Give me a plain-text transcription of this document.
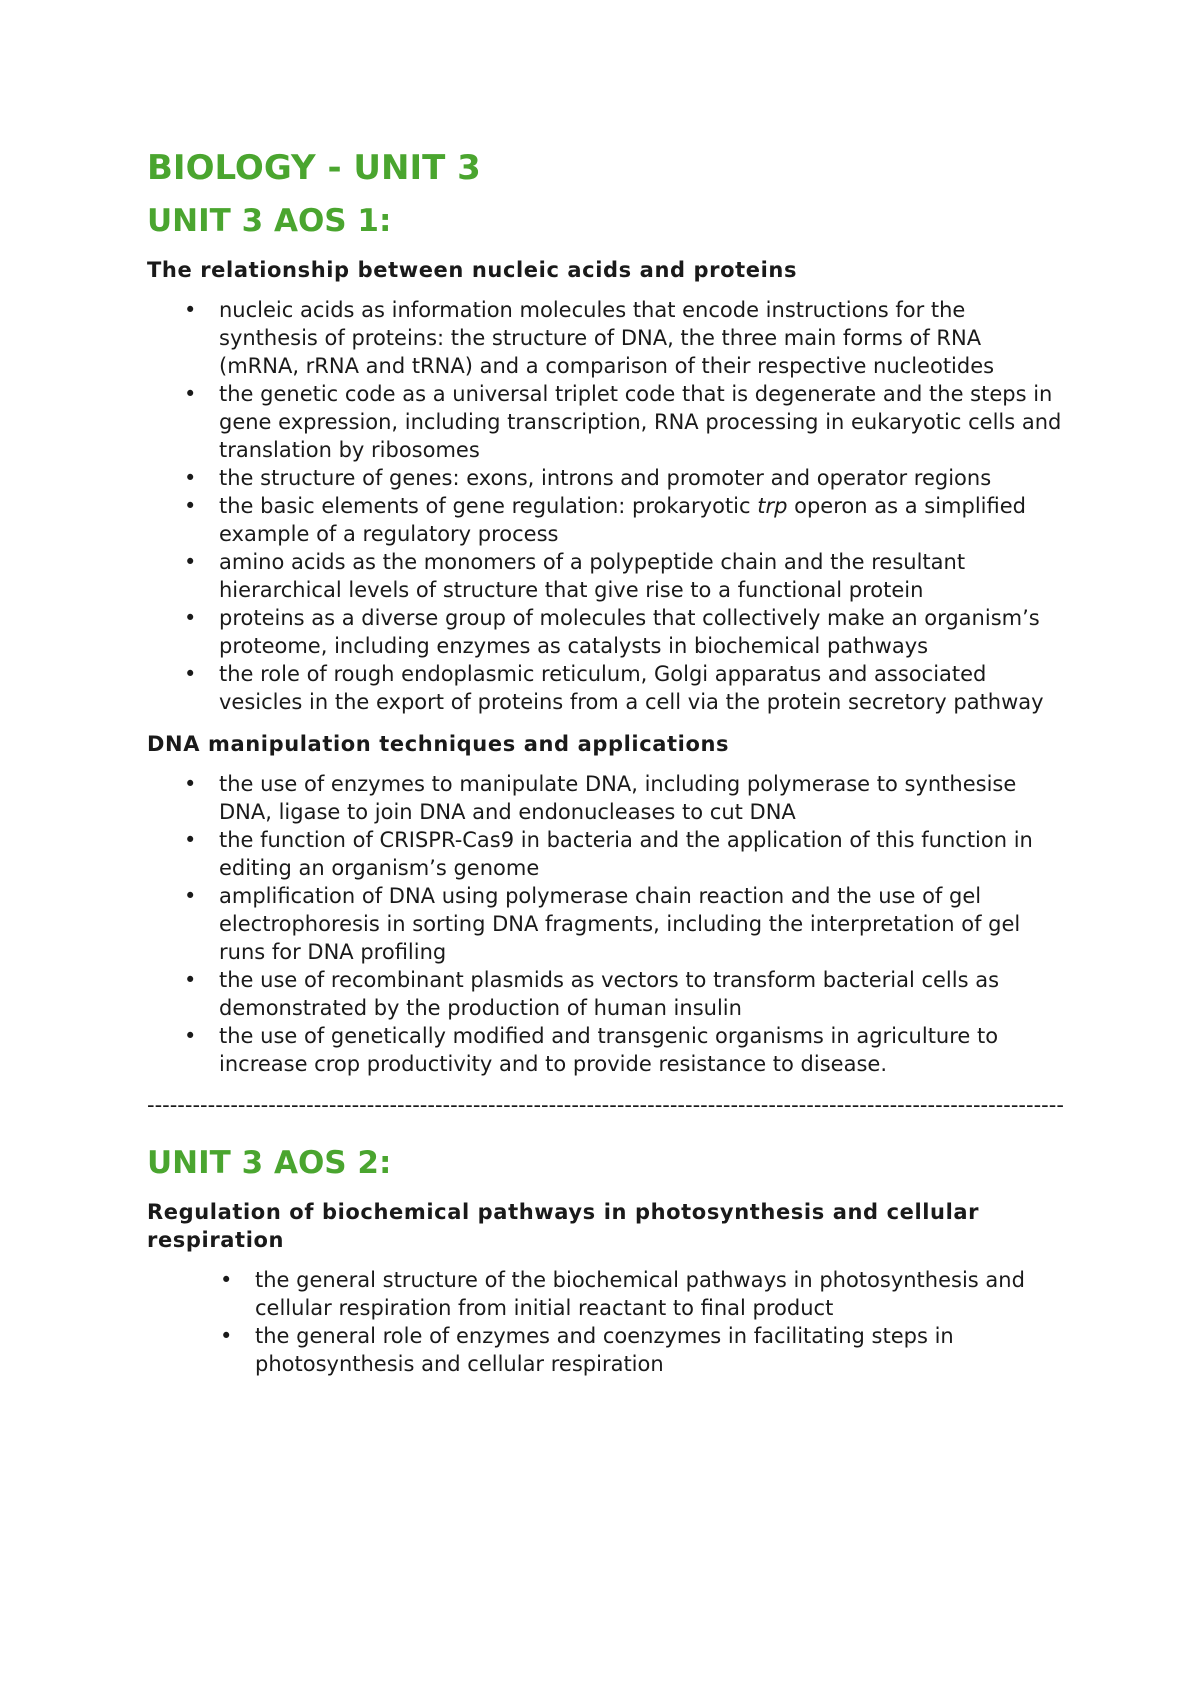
BIOLOGY - UNIT 3
UNIT 3 AOS 1:
The relationship between nucleic acids and proteins
• nucleic acids as information molecules that encode instructions for the synthesis of proteins: the structure of DNA, the three main forms of RNA (mRNA, rRNA and tRNA) and a comparison of their respective nucleotides
• the genetic code as a universal triplet code that is degenerate and the steps in gene expression, including transcription, RNA processing in eukaryotic cells and translation by ribosomes
• the structure of genes: exons, introns and promoter and operator regions
• the basic elements of gene regulation: prokaryotic trp operon as a simplified example of a regulatory process
• amino acids as the monomers of a polypeptide chain and the resultant hierarchical levels of structure that give rise to a functional protein
• proteins as a diverse group of molecules that collectively make an organism’s proteome, including enzymes as catalysts in biochemical pathways
• the role of rough endoplasmic reticulum, Golgi apparatus and associated vesicles in the export of proteins from a cell via the protein secretory pathway
DNA manipulation techniques and applications
• the use of enzymes to manipulate DNA, including polymerase to synthesise DNA, ligase to join DNA and endonucleases to cut DNA
• the function of CRISPR-Cas9 in bacteria and the application of this function in editing an organism’s genome
• amplification of DNA using polymerase chain reaction and the use of gel electrophoresis in sorting DNA fragments, including the interpretation of gel runs for DNA profiling
• the use of recombinant plasmids as vectors to transform bacterial cells as demonstrated by the production of human insulin
• the use of genetically modified and transgenic organisms in agriculture to increase crop productivity and to provide resistance to disease.
-------------------------------------------------------------------------------------------------------------------------
UNIT 3 AOS 2:
Regulation of biochemical pathways in photosynthesis and cellular respiration
• the general structure of the biochemical pathways in photosynthesis and cellular respiration from initial reactant to final product
• the general role of enzymes and coenzymes in facilitating steps in photosynthesis and cellular respiration
